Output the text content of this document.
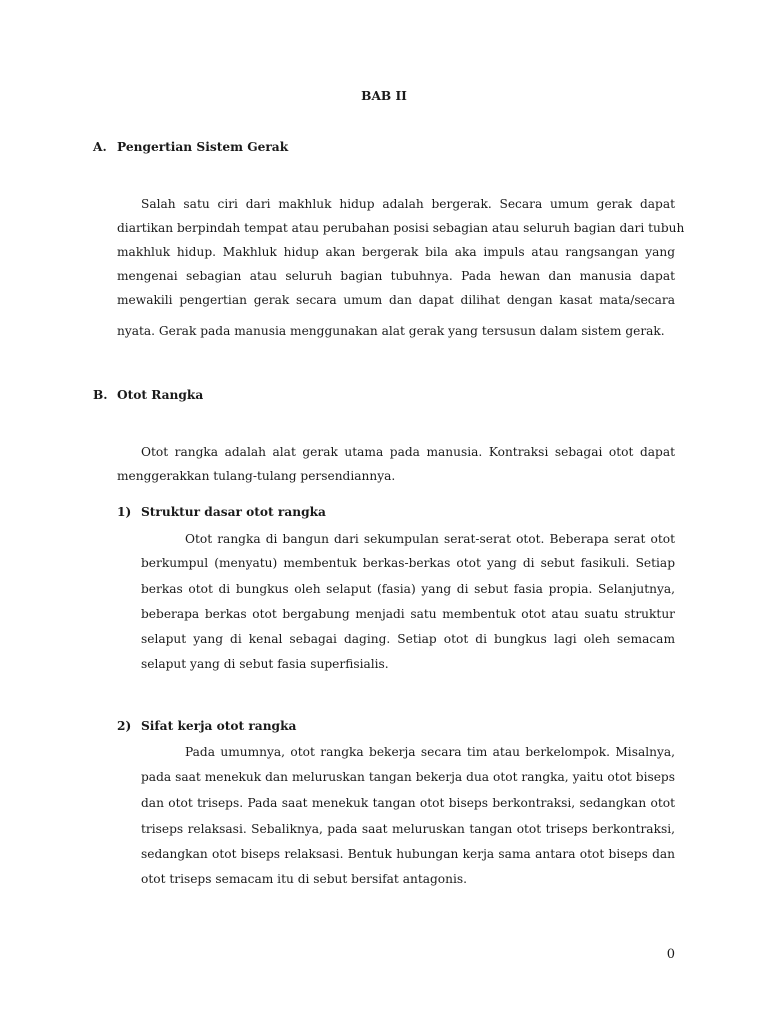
BAB II
A. Pengertian Sistem Gerak
Salah satu ciri dari makhluk hidup adalah bergerak. Secara umum gerak dapat
diartikan berpindah tempat atau perubahan posisi sebagian atau seluruh bagian dari tubuh
makhluk hidup. Makhluk hidup akan bergerak bila aka impuls atau rangsangan yang
mengenai sebagian atau seluruh bagian tubuhnya. Pada hewan dan manusia dapat
mewakili pengertian gerak secara umum dan dapat dilihat dengan kasat mata/secara
nyata. Gerak pada manusia menggunakan alat gerak yang tersusun dalam sistem gerak.
B. Otot Rangka
Otot rangka adalah alat gerak utama pada manusia. Kontraksi sebagai otot dapat
menggerakkan tulang-tulang persendiannya.
1) Struktur dasar otot rangka
Otot rangka di bangun dari sekumpulan serat-serat otot. Beberapa serat otot
berkumpul (menyatu) membentuk berkas-berkas otot yang di sebut fasikuli. Setiap
berkas otot di bungkus oleh selaput (fasia) yang di sebut fasia propia. Selanjutnya,
beberapa berkas otot bergabung menjadi satu membentuk otot atau suatu struktur
selaput yang di kenal sebagai daging. Setiap otot di bungkus lagi oleh semacam
selaput yang di sebut fasia superfisialis.
2) Sifat kerja otot rangka
Pada umumnya, otot rangka bekerja secara tim atau berkelompok. Misalnya,
pada saat menekuk dan meluruskan tangan bekerja dua otot rangka, yaitu otot biseps
dan otot triseps. Pada saat menekuk tangan otot biseps berkontraksi, sedangkan otot
triseps relaksasi. Sebaliknya, pada saat meluruskan tangan otot triseps berkontraksi,
sedangkan otot biseps relaksasi. Bentuk hubungan kerja sama antara otot biseps dan
otot triseps semacam itu di sebut bersifat antagonis.
0
